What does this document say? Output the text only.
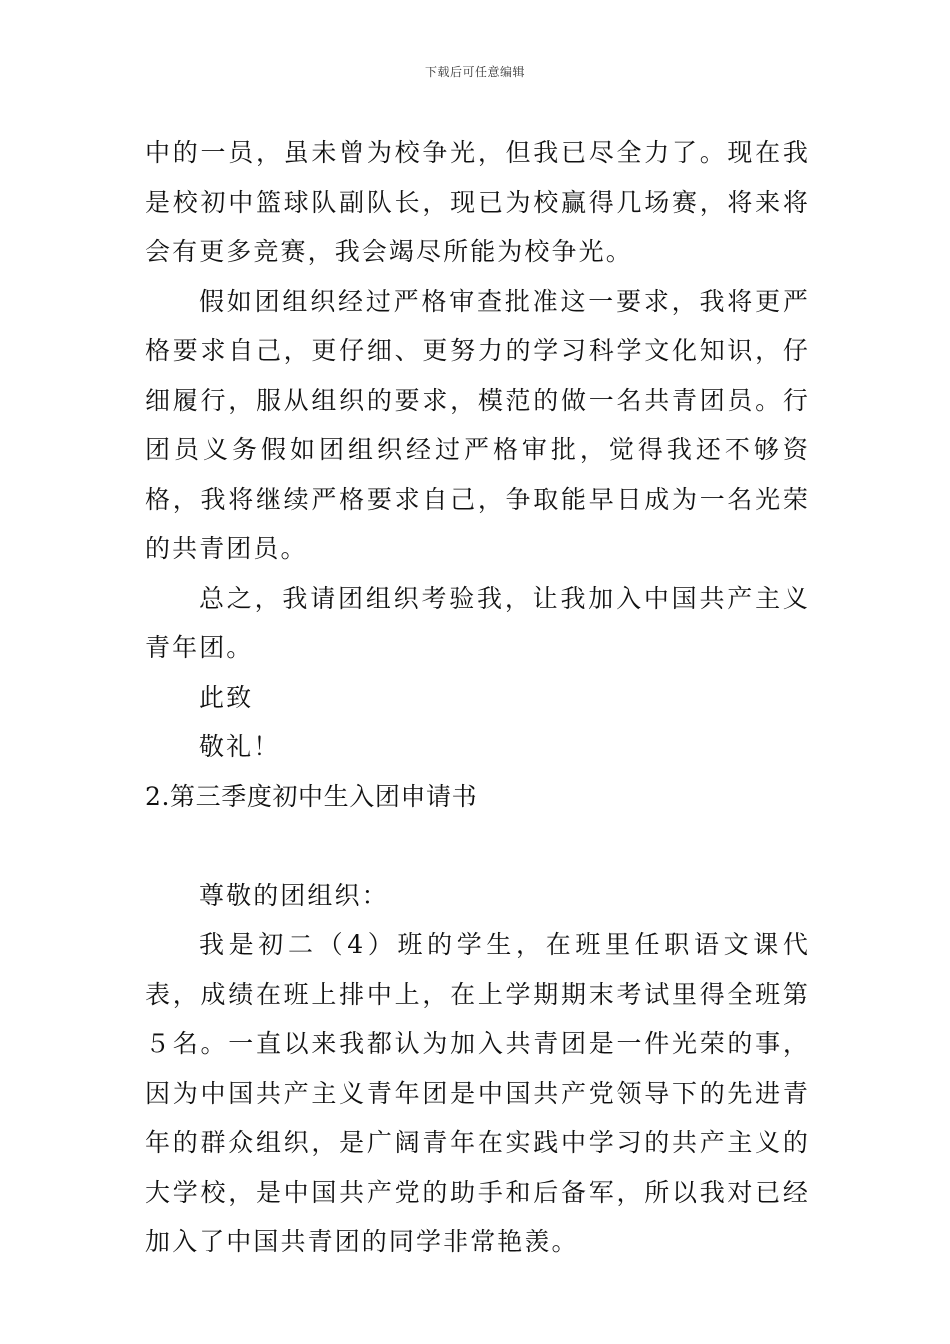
下载后可任意编辑

中的一员，虽未曾为校争光，但我已尽全力了。现在我是校初中篮球队副队长，现已为校赢得几场赛，将来将会有更多竞赛，我会竭尽所能为校争光。

假如团组织经过严格审查批准这一要求，我将更严格要求自己，更仔细、更努力的学习科学文化知识，仔细履行，服从组织的要求，模范的做一名共青团员。行团员义务假如团组织经过严格审批，觉得我还不够资格，我将继续严格要求自己，争取能早日成为一名光荣的共青团员。

总之，我请团组织考验我，让我加入中国共产主义青年团。

此致

敬礼！

2.第三季度初中生入团申请书

尊敬的团组织：

我是初二（4）班的学生，在班里任职语文课代表，成绩在班上排中上，在上学期期末考试里得全班第５名。一直以来我都认为加入共青团是一件光荣的事，因为中国共产主义青年团是中国共产党领导下的先进青年的群众组织，是广阔青年在实践中学习的共产主义的大学校，是中国共产党的助手和后备军，所以我对已经加入了中国共青团的同学非常艳羡。
